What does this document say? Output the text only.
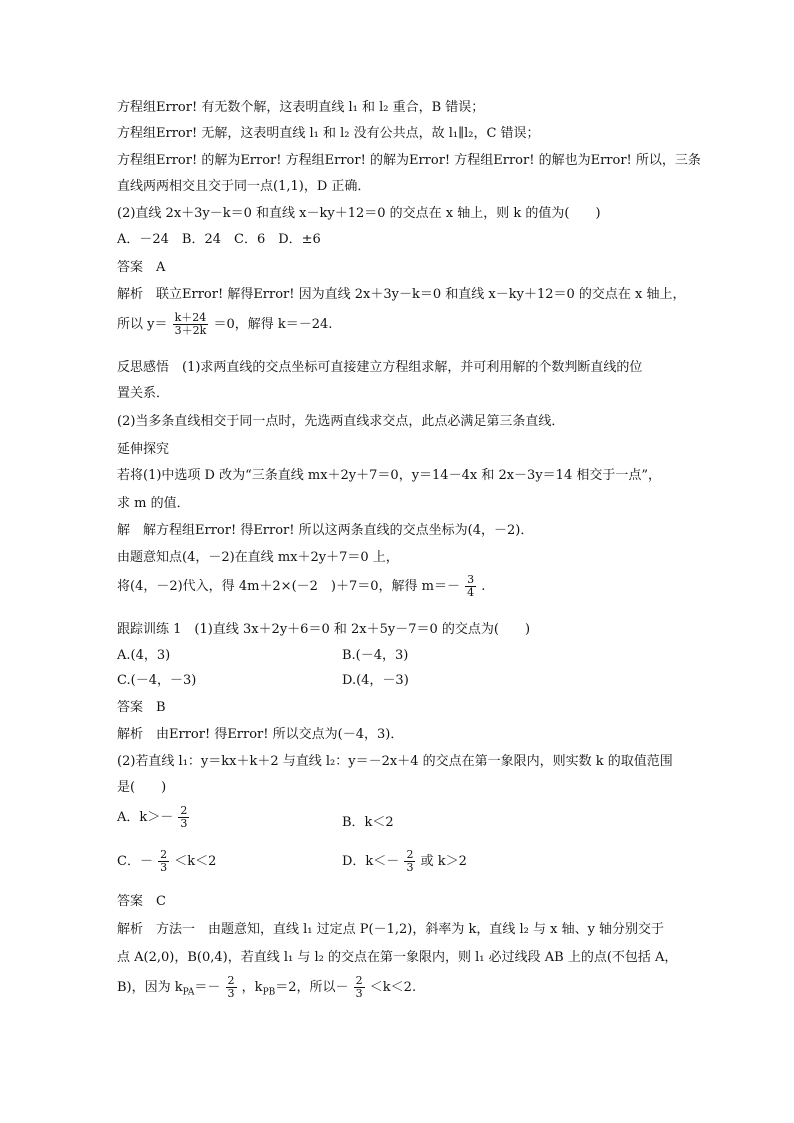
方程组Error! 有无数个解，这表明直线 l₁ 和 l₂ 重合，B 错误；
方程组Error! 无解，这表明直线 l₁ 和 l₂ 没有公共点，故 l₁∥l₂，C 错误；
方程组Error! 的解为Error! 方程组Error! 的解为Error! 方程组Error! 的解也为Error! 所以，三条
直线两两相交且交于同一点(1,1)，D 正确．
(2)直线 2x＋3y－k＝0 和直线 x－ky＋12＝0 的交点在 x 轴上，则 k 的值为(　　)
A．－24　B．24　C．6　D．±6
答案　A
解析　联立Error! 解得Error! 因为直线 2x＋3y－k＝0 和直线 x－ky＋12＝0 的交点在 x 轴上，
所以 $y= \frac{k+24}{3+2k} =0$，解得 k＝－24.
反思感悟　(1)求两直线的交点坐标可直接建立方程组求解，并可利用解的个数判断直线的位
置关系．
(2)当多条直线相交于同一点时，先选两直线求交点，此点必满足第三条直线．
延伸探究
若将(1)中选项 D 改为“三条直线 mx＋2y＋7＝0，y＝14－4x 和 2x－3y＝14 相交于一点”，
求 m 的值．
解　解方程组Error! 得Error! 所以这两条直线的交点坐标为(4，－2)．
由题意知点(4，－2)在直线 mx＋2y＋7＝0 上，
将(4，－2)代入，得 4m＋2×(－2　)＋7＝0，解得 $m=- \frac{3}{4}$ .
跟踪训练 1　(1)直线 3x＋2y＋6＝0 和 2x＋5y－7＝0 的交点为(　　)
A.(4，3)	B.(－4，3)
C.(－4，－3)	D.(4，－3)
答案　B
解析　由Error! 得Error! 所以交点为(－4，3)．
(2)若直线 l₁：y＝kx＋k＋2 与直线 l₂：y＝－2x＋4 的交点在第一象限内，则实数 k 的取值范围
是(　　)
A．$k>- \frac{2}{3}$	B．k＜2
C．－ $\frac{2}{3} <k<2$	D．$k<- \frac{2}{3}$ 或 k＞2
答案　C
解析　方法一　由题意知，直线 l₁ 过定点 P(－1,2)，斜率为 k，直线 l₂ 与 x 轴、y 轴分别交于
点 A(2,0)，B(0,4)，若直线 l₁ 与 l₂ 的交点在第一象限内，则 l₁ 必过线段 AB 上的点(不包括 A，
B)，因为 $k_{PA}=- \frac{2}{3}$ ，$k_{PB}=2$，所以－ $\frac{2}{3} <k<2$.
